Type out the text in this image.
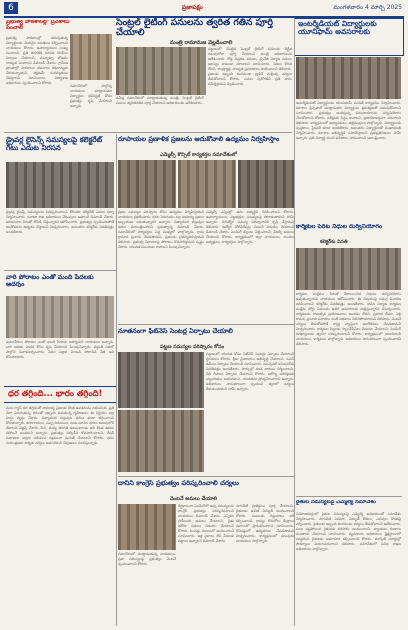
6	ప్రజాపక్షం	మంగళవారం 4 మార్చి 2025
ప్రభుత్వ పాఠశాలల్లో ప్రవేశాలు పెంచాలి
ప్రభుత్వ పాఠశాలల్లో చదువుతున్న విద్యార్థులకు మెరుగైన వసతులు కల్పించాలని నాయకులు కోరారు. ఉపాధ్యాయుల సంఖ్య పెంచాలని, ప్రతి తరగతికి సరిపడ బెంచీలు ఏర్పాటు చేయాలని, మధ్యాహ్న భోజనం నాణ్యత పెంచాలని డిమాండ్ చేశారు. గ్రామీణ ప్రాంతాల్లో పాఠశాలల భవనాలు శిథిలావస్థకు చేరుకున్నాయని, తక్షణమే మరమ్మతులు చేపట్టాలని సూచించారు. విద్యాశాఖ అధికారులు స్పందించాలని కోరారు.
సమావేశంలో పాల్గొన్న నాయకులు మాట్లాడుతూ విద్యార్థుల భవిష్యత్ కోసం ప్రభుత్వం కృషి చేయాలని అన్నారు.
సెంట్రల్ లైటింగ్ పనులను త్వరిత గతిన పూర్తి చేయాలి
మంత్రి రామానుజ వెల్లడించాలి
సమీక్ష సమావేశంలో మాట్లాడుతున్న మంత్రి. సెంట్రల్ లైటింగ్ పనులు త్వరితగతిన పూర్తి చేయాలని అధికారులను ఆదేశించారు.
పట్టణంలో చేపట్టిన సెంట్రల్ లైటింగ్ పనులను నిర్ణీత గడువులోగా పూర్తి చేయాలని మంత్రి అధికారులను ఆదేశించారు. రోడ్ల విస్తరణ పనులు, డ్రైనేజీ నిర్మాణ పనులు ఆలస్యం కాకుండా చూడాలని సూచించారు. నిధుల కొరత లేదని, కాంట్రాక్టర్లు నాణ్యత ప్రమాణాలు పాటించాలని తెలిపారు. ప్రజలకు ఇబ్బంది కలగకుండా ట్రాఫిక్ మళ్లింపు చర్యలు తీసుకోవాలని కోరారు. పనుల పురోగతిని ప్రతి వారం సమీక్షిస్తామని వెల్లడించారు.
ఇంటర్మీడియట్ విద్యార్థులకు యూనిఫామ్ అవసరాలకు
ఇంటర్మీడియట్ విద్యార్థులకు యూనిఫామ్ పంపిణీ కార్యక్రమం నిర్వహించారు. కళాశాల ప్రిన్సిపాల్ మాట్లాడుతూ విద్యార్థులు క్రమశిక్షణతో చదువుకోవాలని సూచించారు. ప్రభుత్వం అందిస్తున్న సదుపాయాలను సద్వినియోగం చేసుకోవాలని కోరారు. పరీక్షలకు సిద్ధం కావాలని, ప్రణాళికాబద్ధంగా చదవాలని తెలిపారు. కార్యక్రమంలో అధ్యాపకులు, తల్లిదండ్రులు పాల్గొన్నారు. విద్యార్థులకు పుస్తకాలు, స్టేషనరీ కూడా అందజేశారు. అనంతరం విద్యార్థులతో ముఖాముఖి నిర్వహించారు. కళాశాల అభివృద్ధికి సహకరిస్తామని ప్రజాప్రతినిధులు హామీ ఇచ్చారు. ప్రతి విద్యార్థి మంచి ఫలితాలు సాధించాలని ఆకాంక్షించారు.
డ్రైవర్ల లైసెన్స్ సమస్యలపై కలెక్టరేట్ గేటు ఎదుట నిరసన
డ్రైవర్ల లైసెన్స్ సమస్యలను పరిష్కరించాలని కోరుతూ కలెక్టరేట్ ఎదుట ధర్నా నిర్వహించారు. రవాణా శాఖ అధికారులు వేధింపులు ఆపాలని డిమాండ్ చేశారు. జరిమానాల పేరుతో దోపిడీ చేస్తున్నారని ఆరోపించారు. ప్రభుత్వం స్పందించకపోతే ఆందోళనను ఉధృతం చేస్తామని హెచ్చరించారు. అనంతరం కలెక్టర్‌కు వినతిపత్రం అందజేశారు.
రూపాయల ప్రణాళిక ప్రజలను ఆదుకోవాలి ఉద్యమం నిర్వహిస్తాం
ఎమ్మెల్సీ కౌన్సిల్ కార్యకర్తల సమావేశంలో
ప్రజల సమస్యల పరిష్కారం కోసం ఉద్యమం నిర్వహిస్తామని నాయకులు ప్రకటించారు. ధరల పెరుగుదల వల్ల సామాన్య ప్రజలు ఇబ్బందులు పడుతున్నారని అన్నారు. నిత్యావసర వస్తువుల ధరలు నియంత్రించాలని ప్రభుత్వాన్ని డిమాండ్ చేశారు. సమావేశంలో కార్యకర్తలు పెద్ద సంఖ్యలో పాల్గొన్నారు. గ్రామ గ్రామాన ప్రచారం చేపడతామని, ప్రజలను చైతన్యపరుస్తామని తెలిపారు. ప్రభుత్వ విధానాలపై పోరాటం కొనసాగిస్తామని స్పష్టం చేశారు. యువత ముందుకు రావాలని పిలుపునిచ్చారు.
ఎమ్మెల్సీ ఎన్నికల్లో తమ అభ్యర్థిని గెలిపించాలని కోరారు. ఉపాధ్యాయులు, పట్టభద్రుల సమస్యలపై పోరాడుతామని హామీ ఇచ్చారు. నిరుద్యోగ సమస్య పరిష్కారానికి కృషి చేస్తామని తెలిపారు. ఉద్యోగ నోటిఫికేషన్లు వెంటనే విడుదల చేయాలని డిమాండ్ చేశారు. పెండింగ్ బిల్లులు చెల్లించాలని, పీఆర్సీ అమలు చేయాలని కోరారు. కార్యక్రమంలో జిల్లా నాయకులు, మండల అధ్యక్షులు, కార్యకర్తలు పాల్గొన్నారు.
కార్మికుల పేరిట నిధుల దుర్వినియోగం
కలెక్టర్‌కు వినతి
కార్మికుల సంక్షేమం పేరుతో కేటాయించిన నిధులు దుర్వినియోగం అవుతున్నాయని నాయకులు ఆరోపించారు. ఈ విషయంపై సమగ్ర విచారణ జరిపించాలని కలెక్టర్‌కు వినతిపత్రం అందజేశారు. భవన నిర్మాణ కార్మికుల సంక్షేమ బోర్డు నిధులను ఇతర అవసరాలకు మళ్లిస్తున్నారని విమర్శించారు. కార్మికులకు రావాల్సిన ప్రయోజనాలు అందడం లేదని, ప్రమాద బీమా, పెళ్లి కానుక, ప్రసూతి సహాయం వంటి పథకాలు నిలిచిపోయాయని తెలిపారు. వెంటనే చర్యలు తీసుకోకపోతే రాష్ట్ర వ్యాప్తంగా ఆందోళనలు చేపడతామని హెచ్చరించారు. కార్మికుల పిల్లలకు స్కాలర్‌షిప్‌లు విడుదల చేయాలని, పెండింగ్ దరఖాస్తులను త్వరగా పరిష్కరించాలని కోరారు. కార్యక్రమంలో యూనియన్ నాయకులు, కార్మికులు పాల్గొన్నారు. అధికారులు సానుకూలంగా స్పందించారని తెలిపారు.
వారి పోరాటం ఎంతో మంది పేదలకు ఆదర్శం
అమరవీరుల పోరాటం ఎంతో మంది పేదలకు ఆదర్శమని నాయకులు అన్నారు. వారి ఆశయ సాధన కోసం కృషి చేయాలని పిలుపునిచ్చారు. వర్ధంతి సభలో పాల్గొని నివాళులర్పించారు. పేదల పక్షాన నిలబడి పోరాడిన నేత అని కొనియాడారు.
ధర తగ్గింది... భారం తగ్గింది!
వంట గ్యాస్ ధర తగ్గడంతో సామాన్య ప్రజలకు కొంత ఉపశమనం లభించింది. ప్రతి నెలా పెరుగుతున్న ధరలతో ఇబ్బంది పడుతున్న గృహిణులు ఈ నిర్ణయం పట్ల హర్షం వ్యక్తం చేశారు. నిత్యావసర వస్తువుల ధరలు కూడా తగ్గించాలని కోరుతున్నారు. కూరగాయలు, పప్పు దినుసులు, వంట నూనెల ధరలు అదుపులోకి తేవాలని విజ్ఞప్తి చేశారు. పేద, మధ్య తరగతి కుటుంబాలకు ఇది కొంత ఊరట కలిగించే అంశమని అన్నారు. ప్రభుత్వం సబ్సిడీని కొనసాగించాలని, రేషన్ దుకాణాల ద్వారా సరుకులు సక్రమంగా పంపిణీ చేయాలని కోరారు. ధరల నియంత్రణకు శాశ్వత చర్యలు అవసరమని నిపుణులు సూచిస్తున్నారు.
నూతనంగా ఫిట్‌నెస్ సెంటర్ల ఏర్పాటు చేయాలి
పట్టణ సమస్యల పరిష్కారం కోసం
పట్టణంలో యువత కోసం ఫిట్‌నెస్ సెంటర్లు ఏర్పాటు చేయాలని స్థానికులు కోరారు. క్రీడా మైదానాలు అభివృద్ధి చేయాలని, ఓపెన్ జిమ్‌లు ఏర్పాటు చేయాలని సూచించారు. మున్సిపల్ కమిషనర్‌కు వినతిపత్రం అందజేశారు. పార్కుల్లో నడక దారులు నిర్మించాలని, వీధి దీపాలు ఏర్పాటు చేయాలని కోరారు. ఆరోగ్య పరిరక్షణకు వ్యాయామం అవసరమని, యువతను ప్రోత్సహించాలని అన్నారు. అధికారులు సానుకూలంగా స్పందించి త్వరలో చర్యలు తీసుకుంటామని హామీ ఇచ్చారు.
దానిని కాంగ్రెస్ ప్రభుత్వం పరిష్కరించాలి చర్యలు
వెంటనే అమలు చేయాలి
సమావేశంలో మాట్లాడుతున్న నాయకులు. ప్రజా సమస్యలపై ప్రభుత్వం వెంటనే స్పందించాలని కోరారు.
దీర్ఘకాలంగా పెండింగ్‌లో ఉన్న సమస్యలను కాంగ్రెస్ ప్రభుత్వం పరిష్కరించాలని నాయకులు డిమాండ్ చేశారు. ఎన్నికల హామీలను అమలు చేయాలని, రైతు భరోసా నిధులు విడుదల చేయాలని కోరారు. పింఛన్లు సకాలంలో అందించాలని సూచించారు. ఇళ్ల స్థలాలు లేని పేదలకు పట్టాలు ఇవ్వాలని డిమాండ్ చేశారు.
సాగునీటి ప్రాజెక్టులు పూర్తి చేయాలని, రైతులకు ఉచిత విద్యుత్ అందించాలని కోరారు. పంటలకు గిట్టుబాటు ధర కల్పించాలని, ధాన్యం కొనుగోలు కేంద్రాలు సకాలంలో ప్రారంభించాలని సూచించారు. లేనిపక్షంలో ఉద్యమాలు చేపడతామని హెచ్చరించారు. కార్యక్రమంలో పలువురు నాయకులు పాల్గొన్నారు.
రైతుల సమస్యలపై ఎమ్మెల్యే సమావేశం
నియోజకవర్గంలో రైతుల సమస్యలపై ఎమ్మెల్యే అధికారులతో సమావేశం నిర్వహించారు. సాగునీటి సరఫరా, విద్యుత్ కోతలు, ఎరువుల కొరతపై చర్చించారు. రైతులకు ఇబ్బంది కలగకుండా చర్యలు తీసుకోవాలని ఆదేశించారు. పంట నష్టపోయిన రైతులకు పరిహారం అందించాలని, బ్యాంకులు రుణాలు మంజూరు చేయాలని సూచించారు. వ్యవసాయ అధికారులు క్షేత్రస్థాయిలో పర్యటించి రైతులకు అవగాహన కల్పించాలని కోరారు. మార్కెట్ యార్డుల్లో సౌకర్యాలు మెరుగుపరచాలని తెలిపారు. సమావేశంలో వివిధ శాఖల అధికారులు పాల్గొన్నారు.
